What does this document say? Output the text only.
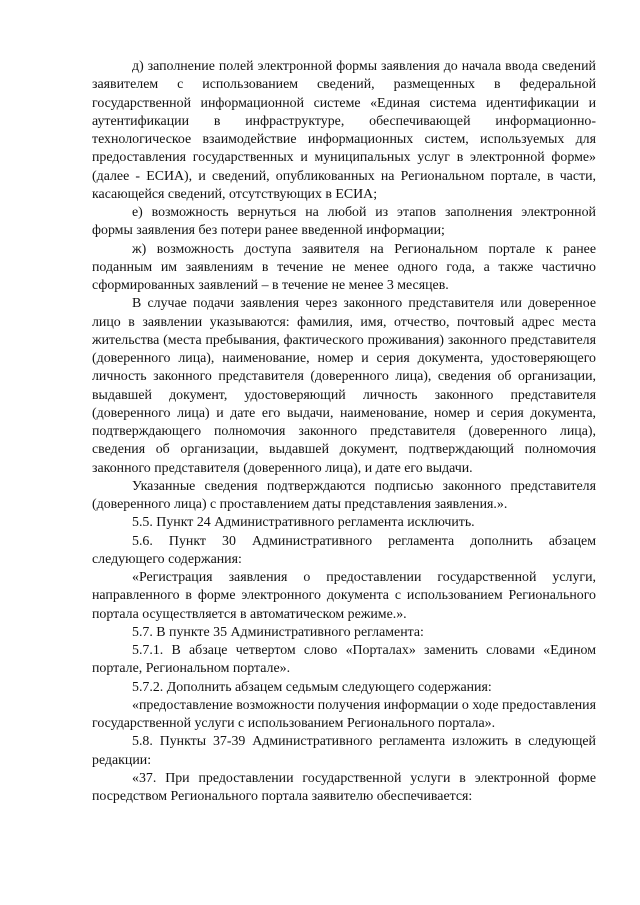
д) заполнение полей электронной формы заявления до начала ввода сведений заявителем с использованием сведений, размещенных в федеральной государственной информационной системе «Единая система идентификации и аутентификации в инфраструктуре, обеспечивающей информационно-технологическое взаимодействие информационных систем, используемых для предоставления государственных и муниципальных услуг в электронной форме» (далее - ЕСИА), и сведений, опубликованных на Региональном портале, в части, касающейся сведений, отсутствующих в ЕСИА;

е) возможность вернуться на любой из этапов заполнения электронной формы заявления без потери ранее введенной информации;

ж) возможность доступа заявителя на Региональном портале к ранее поданным им заявлениям в течение не менее одного года, а также частично сформированных заявлений – в течение не менее 3 месяцев.

В случае подачи заявления через законного представителя или доверенное лицо в заявлении указываются: фамилия, имя, отчество, почтовый адрес места жительства (места пребывания, фактического проживания) законного представителя (доверенного лица), наименование, номер и серия документа, удостоверяющего личность законного представителя (доверенного лица), сведения об организации, выдавшей документ, удостоверяющий личность законного представителя (доверенного лица) и дате его выдачи, наименование, номер и серия документа, подтверждающего полномочия законного представителя (доверенного лица), сведения об организации, выдавшей документ, подтверждающий полномочия законного представителя (доверенного лица), и дате его выдачи.

Указанные сведения подтверждаются подписью законного представителя (доверенного лица) с проставлением даты представления заявления.».

5.5. Пункт 24 Административного регламента исключить.

5.6. Пункт 30 Административного регламента дополнить абзацем следующего содержания:

«Регистрация заявления о предоставлении государственной услуги, направленного в форме электронного документа с использованием Регионального портала осуществляется в автоматическом режиме.».

5.7. В пункте 35 Административного регламента:

5.7.1. В абзаце четвертом слово «Порталах» заменить словами «Едином портале, Региональном портале».

5.7.2. Дополнить абзацем седьмым следующего содержания:

«предоставление возможности получения информации о ходе предоставления государственной услуги с использованием Регионального портала».

5.8. Пункты 37-39 Административного регламента изложить в следующей редакции:

«37. При предоставлении государственной услуги в электронной форме посредством Регионального портала заявителю обеспечивается:
